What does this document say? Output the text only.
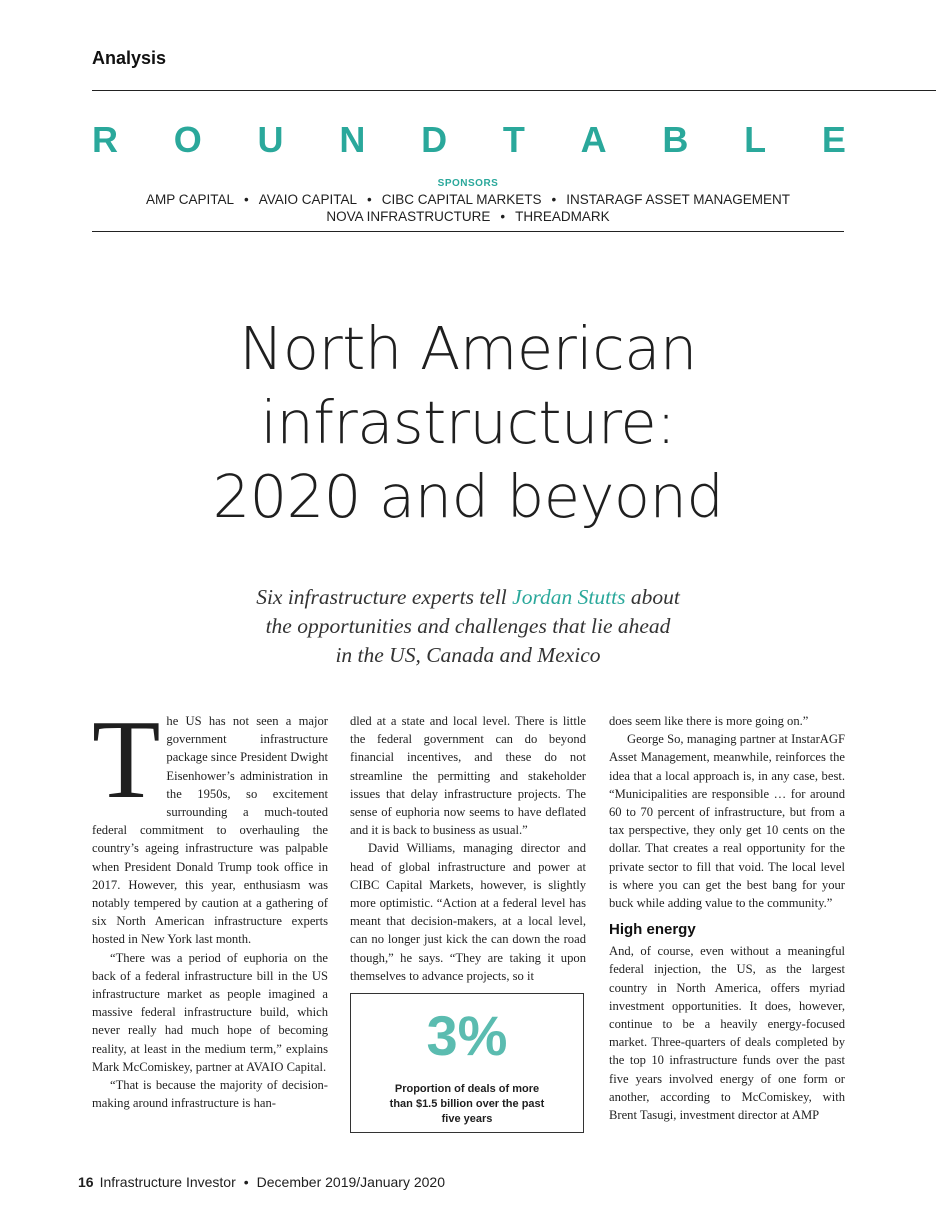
Analysis
R O U N D T A B L E
SPONSORS
AMP CAPITAL • AVAIO CAPITAL • CIBC CAPITAL MARKETS • INSTARAGF ASSET MANAGEMENT
NOVA INFRASTRUCTURE • THREADMARK
North American
infrastructure:
2020 and beyond
Six infrastructure experts tell Jordan Stutts about
the opportunities and challenges that lie ahead
in the US, Canada and Mexico

The US has not seen a major government infrastructure package since President Dwight Eisenhower’s administration in the 1950s, so excitement surrounding a much-touted federal commitment to overhauling the country’s ageing infrastructure was palpable when President Donald Trump took office in 2017. However, this year, enthusiasm was notably tempered by caution at a gathering of six North American infrastructure experts hosted in New York last month.

“There was a period of euphoria on the back of a federal infrastructure bill in the US infrastructure market as people imagined a massive federal infrastructure build, which never really had much hope of becoming reality, at least in the medium term,” explains Mark McComiskey, partner at AVAIO Capital.

“That is because the majority of decision-making around infrastructure is han-

dled at a state and local level. There is little the federal government can do beyond financial incentives, and these do not streamline the permitting and stakeholder issues that delay infrastructure projects. The sense of euphoria now seems to have deflated and it is back to business as usual.”

David Williams, managing director and head of global infrastructure and power at CIBC Capital Markets, however, is slightly more optimistic. “Action at a federal level has meant that decision-makers, at a local level, can no longer just kick the can down the road though,” he says. “They are taking it upon themselves to advance projects, so it

3%
Proportion of deals of more than $1.5 billion over the past five years

does seem like there is more going on.”

George So, managing partner at InstarAGF Asset Management, meanwhile, reinforces the idea that a local approach is, in any case, best. “Municipalities are responsible … for around 60 to 70 percent of infrastructure, but from a tax perspective, they only get 10 cents on the dollar. That creates a real opportunity for the private sector to fill that void. The local level is where you can get the best bang for your buck while adding value to the community.”

High energy

And, of course, even without a meaningful federal injection, the US, as the largest country in North America, offers myriad investment opportunities. It does, however, continue to be a heavily energy-focused market. Three-quarters of deals completed by the top 10 infrastructure funds over the past five years involved energy of one form or another, according to McComiskey, with Brent Tasugi, investment director at AMP

16 Infrastructure Investor • December 2019/January 2020
